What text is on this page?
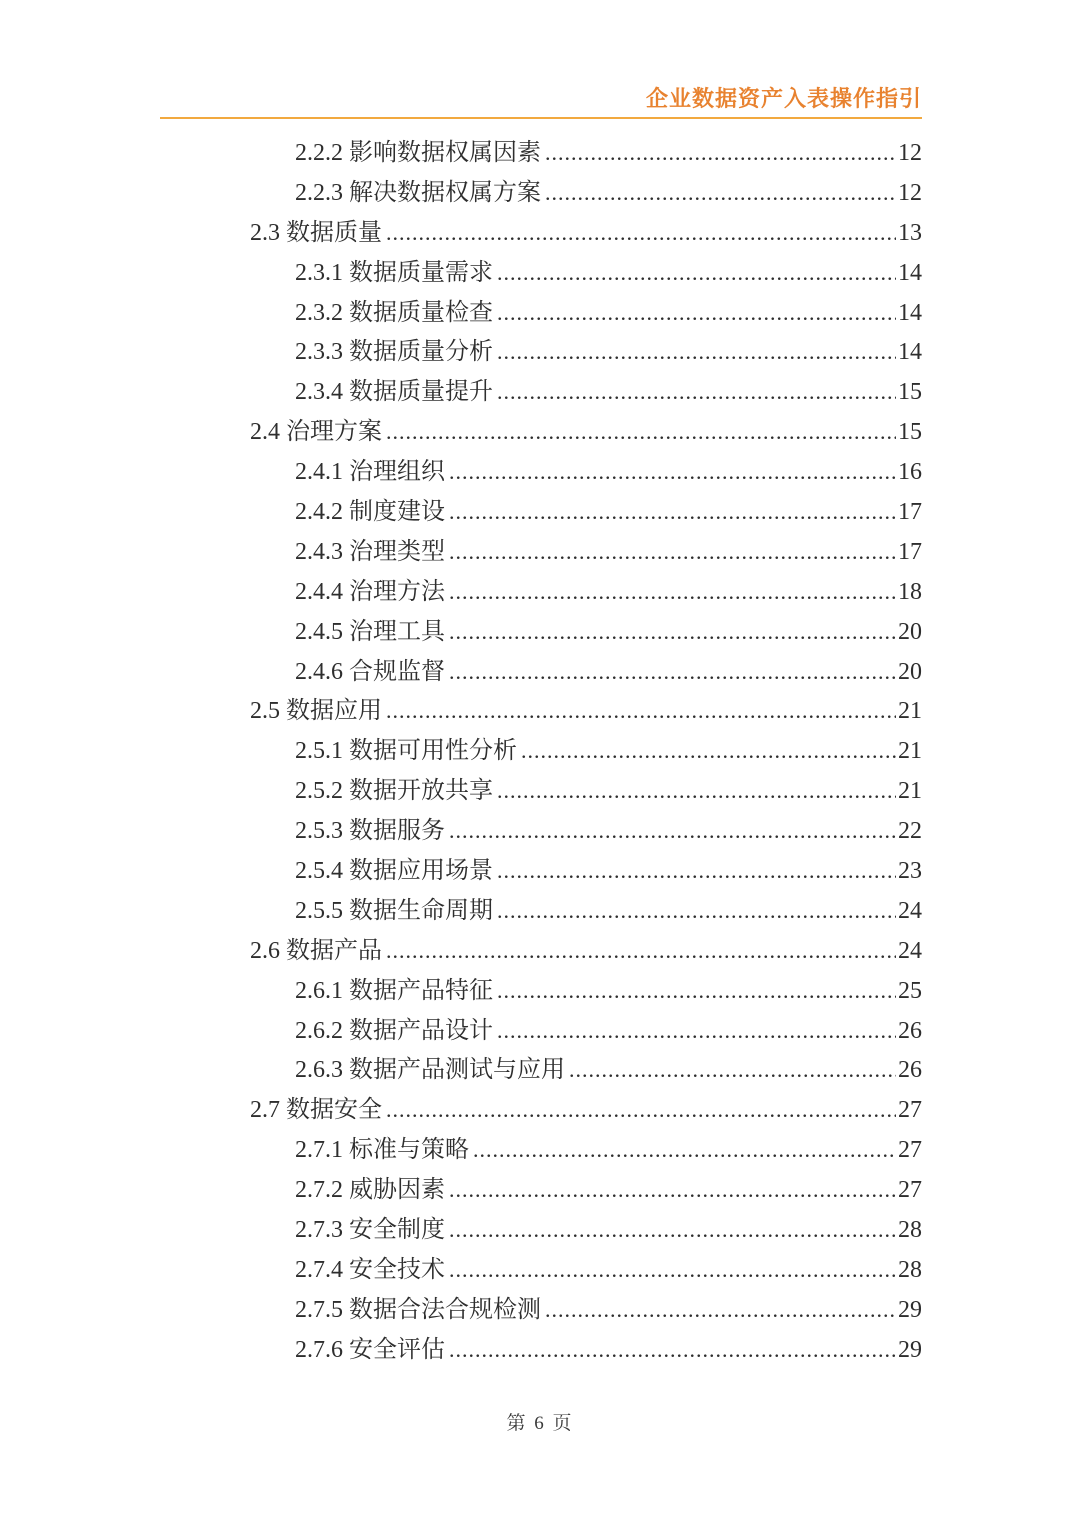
企业数据资产入表操作指引
2.2.2 影响数据权属因素 .....	12
2.2.3 解决数据权属方案 .....	12
2.3 数据质量 .....	13
2.3.1 数据质量需求 .....	14
2.3.2 数据质量检查 .....	14
2.3.3 数据质量分析 .....	14
2.3.4 数据质量提升 .....	15
2.4 治理方案 .....	15
2.4.1 治理组织 .....	16
2.4.2 制度建设 .....	17
2.4.3 治理类型 .....	17
2.4.4 治理方法 .....	18
2.4.5 治理工具 .....	20
2.4.6 合规监督 .....	20
2.5 数据应用 .....	21
2.5.1 数据可用性分析 .....	21
2.5.2 数据开放共享 .....	21
2.5.3 数据服务 .....	22
2.5.4 数据应用场景 .....	23
2.5.5 数据生命周期 .....	24
2.6 数据产品 .....	24
2.6.1 数据产品特征 .....	25
2.6.2 数据产品设计 .....	26
2.6.3 数据产品测试与应用 .....	26
2.7 数据安全 .....	27
2.7.1 标准与策略 .....	27
2.7.2 威胁因素 .....	27
2.7.3 安全制度 .....	28
2.7.4 安全技术 .....	28
2.7.5 数据合法合规检测 .....	29
2.7.6 安全评估 .....	29
第 6 页
